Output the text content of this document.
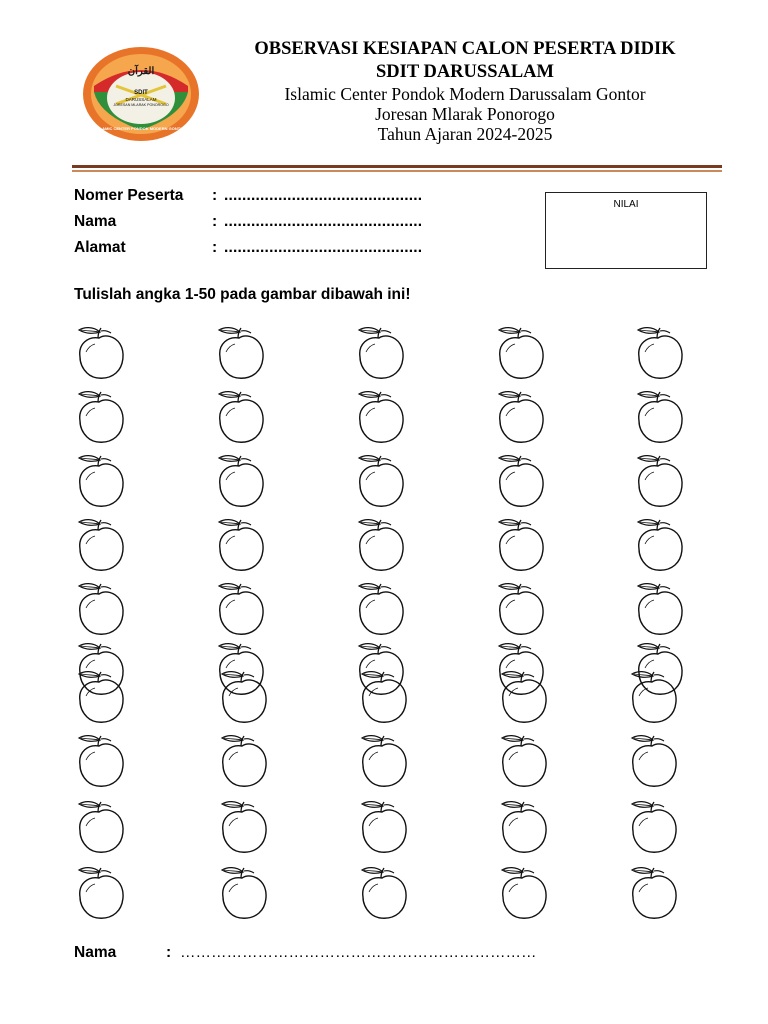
القرآن
SDIT
DARUSSALAM
JORESAN MLARAK PONOROGO
ISLAMIC CENTER PONDOK MODERN GONTOR
OBSERVASI KESIAPAN CALON PESERTA DIDIK
SDIT DARUSSALAM
Islamic Center Pondok Modern Darussalam Gontor
Joresan Mlarak Ponorogo
Tahun Ajaran 2024-2025
Nomer Peserta : ............................................
Nama	: ............................................
Alamat	: ............................................
NILAI
Tulislah angka 1-50 pada gambar dibawah ini!
Nama	: ……………………………………………………………
